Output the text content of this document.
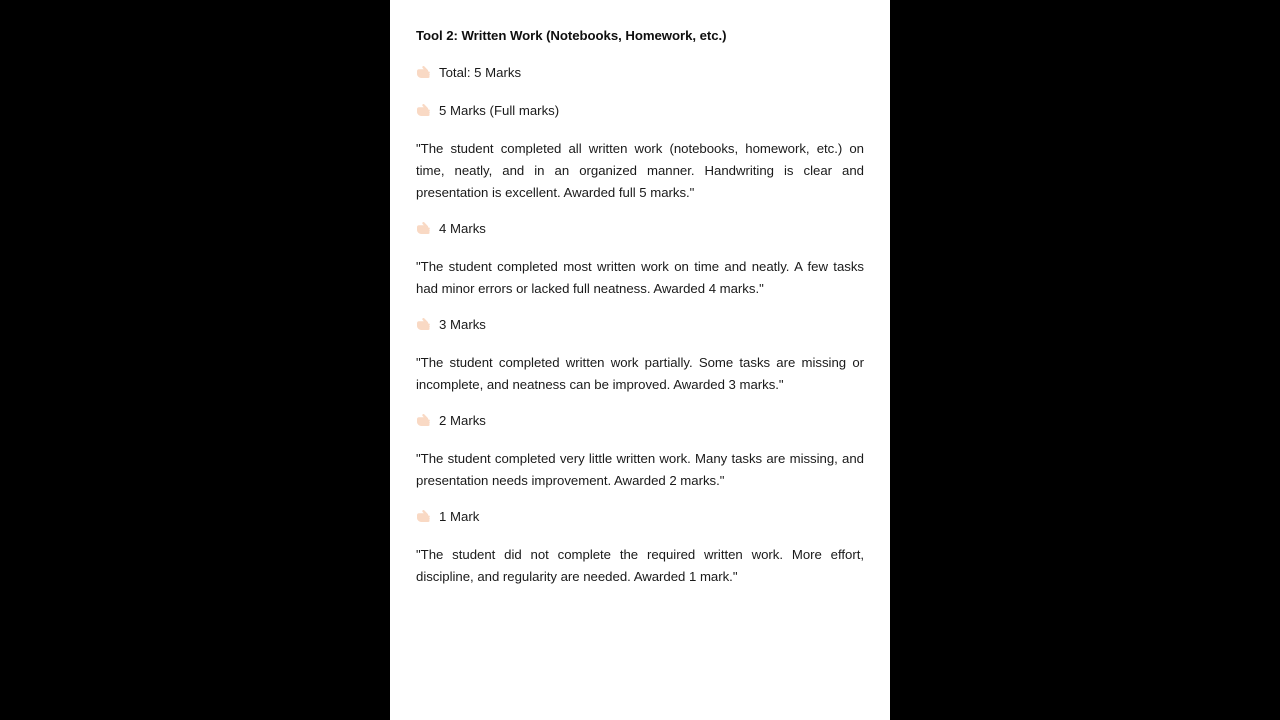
Tool 2: Written Work (Notebooks, Homework, etc.)
Total: 5 Marks
5 Marks (Full marks)

"The student completed all written work (notebooks, homework, etc.) on time, neatly, and in an organized manner. Handwriting is clear and presentation is excellent. Awarded full 5 marks."

4 Marks

"The student completed most written work on time and neatly. A few tasks had minor errors or lacked full neatness. Awarded 4 marks."

3 Marks

"The student completed written work partially. Some tasks are missing or incomplete, and neatness can be improved. Awarded 3 marks."

2 Marks

"The student completed very little written work. Many tasks are missing, and presentation needs improvement. Awarded 2 marks."

1 Mark

"The student did not complete the required written work. More effort, discipline, and regularity are needed. Awarded 1 mark."
